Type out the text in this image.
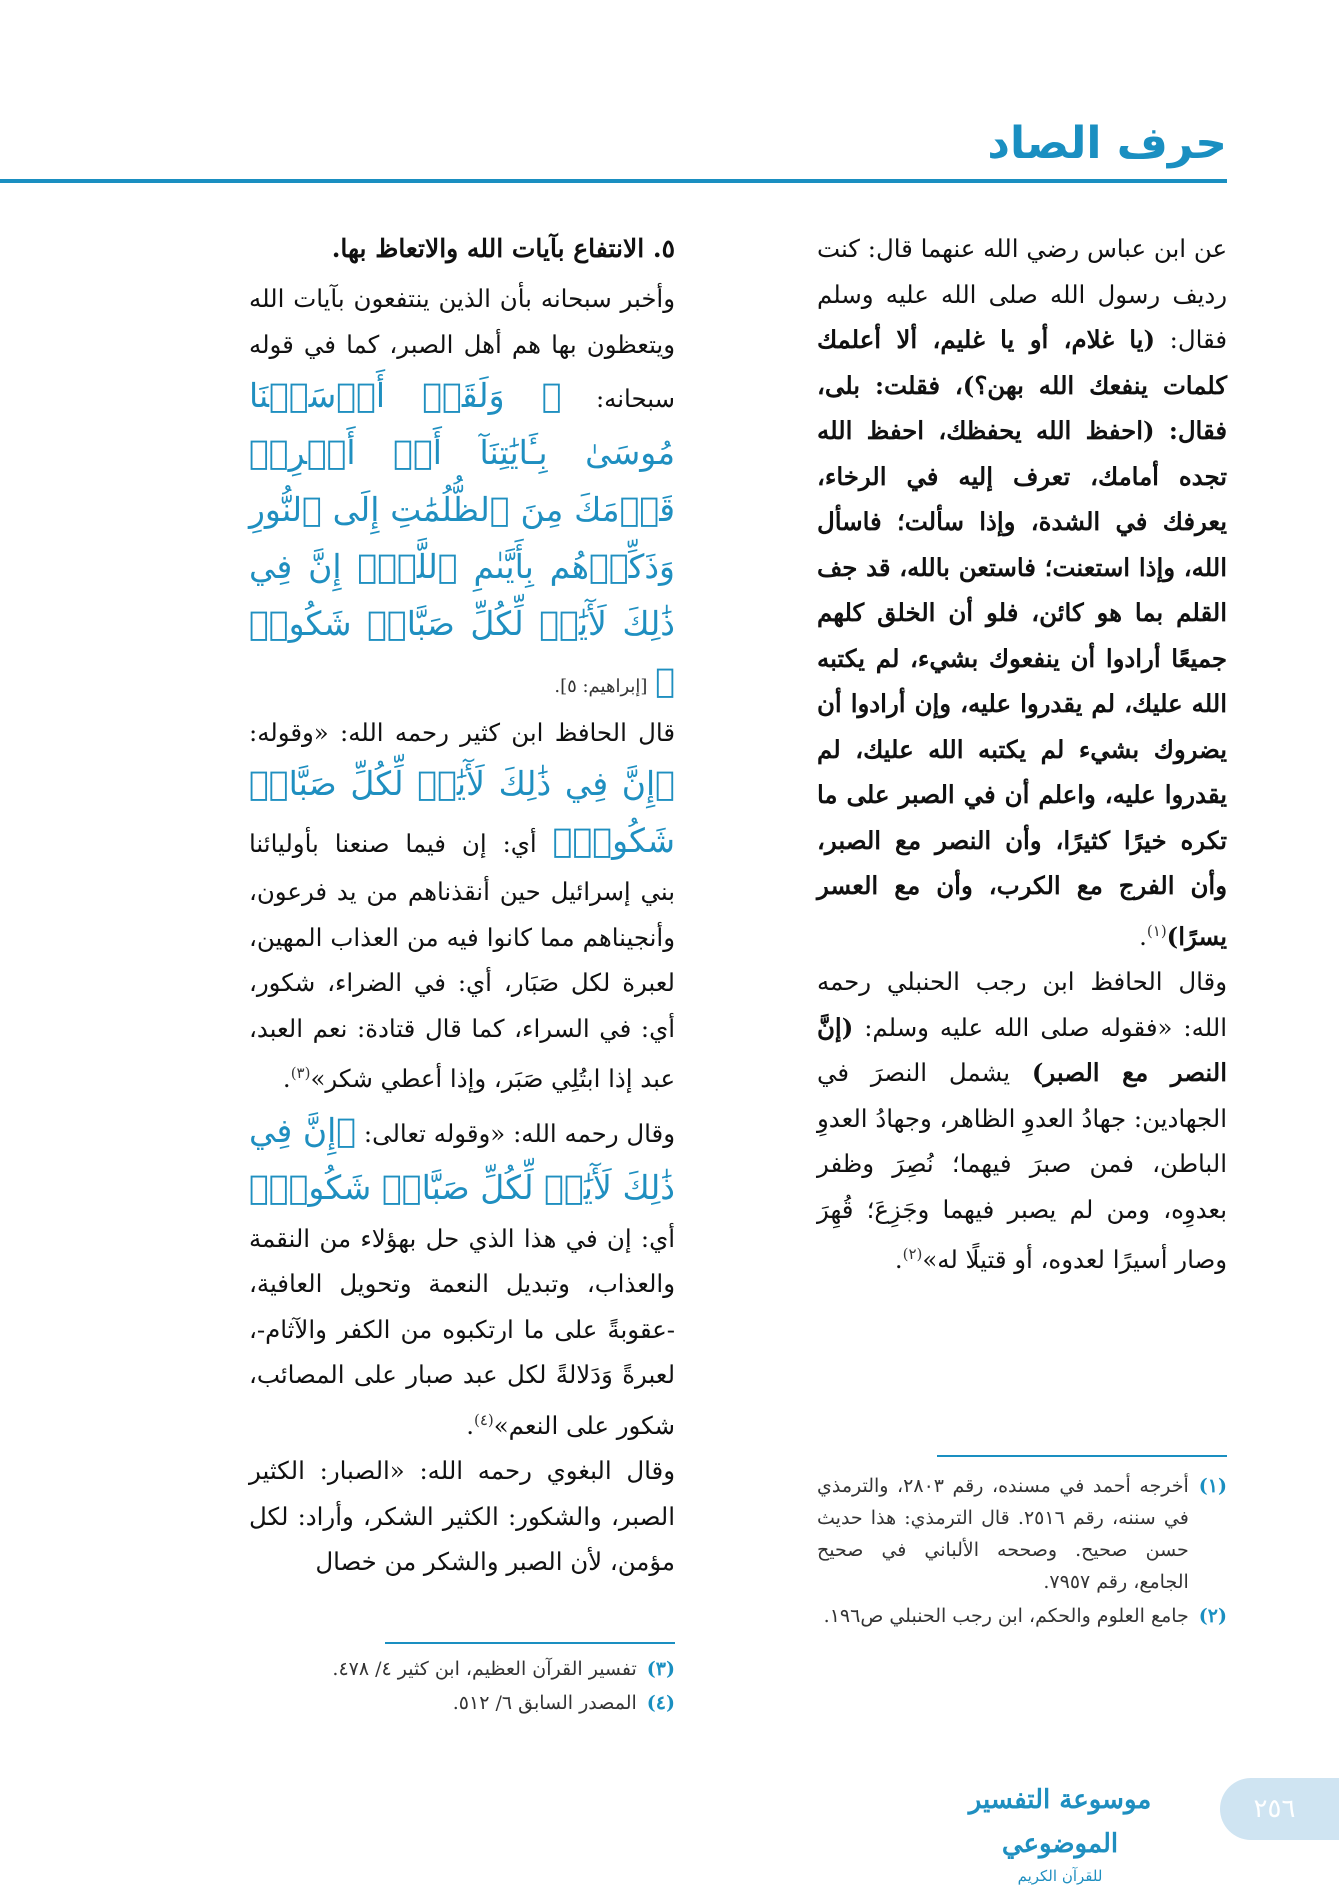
حرف الصاد

عن ابن عباس رضي الله عنهما قال: كنت رديف رسول الله صلى الله عليه وسلم فقال: (يا غلام، أو يا غليم، ألا أعلمك كلمات ينفعك الله بهن؟)، فقلت: بلى، فقال: (احفظ الله يحفظك، احفظ الله تجده أمامك، تعرف إليه في الرخاء، يعرفك في الشدة، وإذا سألت؛ فاسأل الله، وإذا استعنت؛ فاستعن بالله، قد جف القلم بما هو كائن، فلو أن الخلق كلهم جميعًا أرادوا أن ينفعوك بشيء، لم يكتبه الله عليك، لم يقدروا عليه، وإن أرادوا أن يضروك بشيء لم يكتبه الله عليك، لم يقدروا عليه، واعلم أن في الصبر على ما تكره خيرًا كثيرًا، وأن النصر مع الصبر، وأن الفرج مع الكرب، وأن مع العسر يسرًا)$^{(١)}$.

وقال الحافظ ابن رجب الحنبلي رحمه الله: «فقوله صلى الله عليه وسلم: (إنَّ النصر مع الصبر) يشمل النصرَ في الجهادين: جهادُ العدوِ الظاهر، وجهادُ العدوِ الباطن، فمن صبرَ فيهما؛ نُصِرَ وظفر بعدوِه، ومن لم يصبر فيهما وجَزِعَ؛ قُهِرَ وصار أسيرًا لعدوه، أو قتيلًا له»$^{(٢)}$.

٥. الانتفاع بآيات الله والاتعاظ بها.

وأخبر سبحانه بأن الذين ينتفعون بآيات الله ويتعظون بها هم أهل الصبر، كما في قوله سبحانه: ﴿ وَلَقَدۡ أَرۡسَلۡنَا مُوسَىٰ بِـَٔايَٰتِنَآ أَنۡ أَخۡرِجۡ قَوۡمَكَ مِنَ ٱلظُّلُمَٰتِ إِلَى ٱلنُّورِ وَذَكِّرۡهُم بِأَيَّىٰمِ ٱللَّهِۚ إِنَّ فِي ذَٰلِكَ لَأٓيَٰتٖ لِّكُلِّ صَبَّارٖ شَكُورٖ ﴾ [إبراهيم: ٥].

قال الحافظ ابن كثير رحمه الله: «وقوله: ﴿إِنَّ فِي ذَٰلِكَ لَأٓيَٰتٖ لِّكُلِّ صَبَّارٖ شَكُورٖ﴾ أي: إن فيما صنعنا بأوليائنا بني إسرائيل حين أنقذناهم من يد فرعون، وأنجيناهم مما كانوا فيه من العذاب المهين، لعبرة لكل صَبَار، أي: في الضراء، شكور، أي: في السراء، كما قال قتادة: نعم العبد، عبد إذا ابتُلِي صَبَر، وإذا أعطي شكر»$^{(٣)}$.

وقال رحمه الله: «وقوله تعالى: ﴿إِنَّ فِي ذَٰلِكَ لَأٓيَٰتٖ لِّكُلِّ صَبَّارٖ شَكُورٖ﴾ أي: إن في هذا الذي حل بهؤلاء من النقمة والعذاب، وتبديل النعمة وتحويل العافية، -عقوبةً على ما ارتكبوه من الكفر والآثام-، لعبرةً وَدَلالةً لكل عبد صبار على المصائب، شكور على النعم»$^{(٤)}$.

وقال البغوي رحمه الله: «الصبار: الكثير الصبر، والشكور: الكثير الشكر، وأراد: لكل مؤمن، لأن الصبر والشكر من خصال

(١)
أخرجه أحمد في مسنده، رقم ٢٨٠٣، والترمذي في سننه، رقم ٢٥١٦. قال الترمذي: هذا حديث حسن صحيح. وصححه الألباني في صحيح الجامع، رقم ٧٩٥٧.
(٢)
جامع العلوم والحكم، ابن رجب الحنبلي ص١٩٦.
(٣)
تفسير القرآن العظيم، ابن كثير ٤/ ٤٧٨.
(٤)
المصدر السابق ٦/ ٥١٢.
موسوعة التفسير الموضوعي
للقرآن الكريم
٢٥٦
